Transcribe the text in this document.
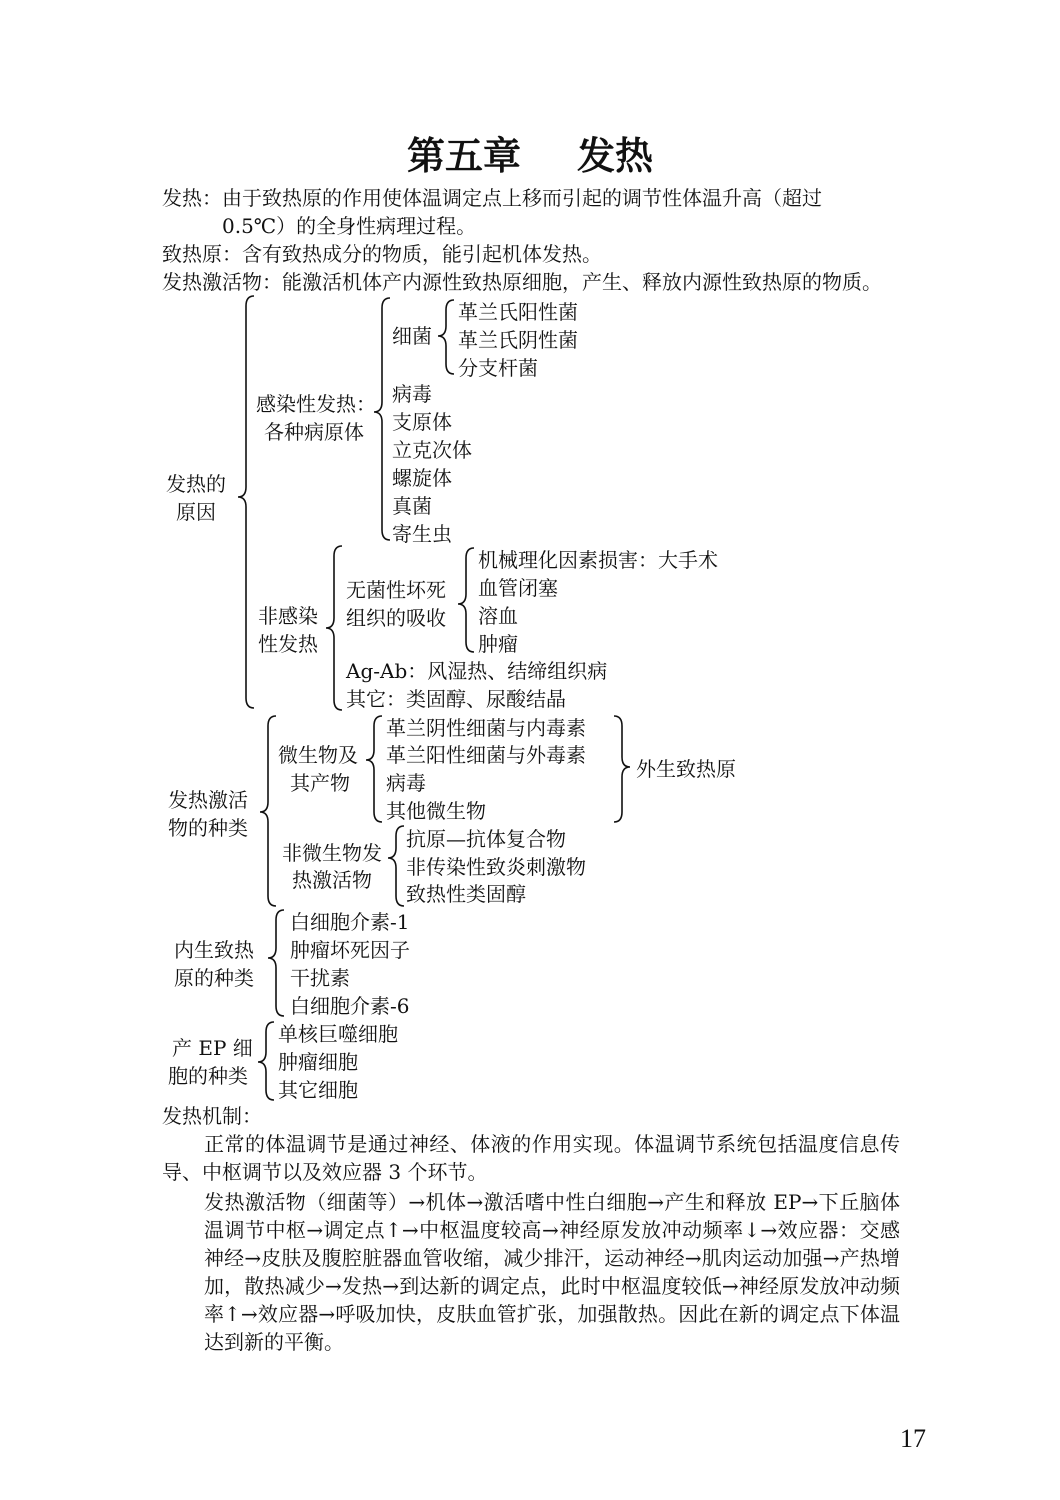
第五章 发热
发热：由于致热原的作用使体温调定点上移而引起的调节性体温升高（超过
0.5℃）的全身性病理过程。
致热原：含有致热成分的物质，能引起机体发热。
发热激活物：能激活机体产内源性致热原细胞，产生、释放内源性致热原的物质。
发热的
原因
感染性发热：
各种病原体
细菌
革兰氏阳性菌
革兰氏阴性菌
分支杆菌
病毒
支原体
立克次体
螺旋体
真菌
寄生虫
非感染
性发热
无菌性坏死
组织的吸收
机械理化因素损害：大手术
血管闭塞
溶血
肿瘤
Ag-Ab：风湿热、结缔组织病
其它：类固醇、尿酸结晶
发热激活
物的种类
微生物及
其产物
革兰阴性细菌与内毒素
革兰阳性细菌与外毒素
病毒
其他微生物
外生致热原
非微生物发
热激活物
抗原—抗体复合物
非传染性致炎刺激物
致热性类固醇
内生致热
原的种类
白细胞介素-1
肿瘤坏死因子
干扰素
白细胞介素-6
产 EP 细
胞的种类
单核巨噬细胞
肿瘤细胞
其它细胞
发热机制：
正常的体温调节是通过神经、体液的作用实现。体温调节系统包括温度信息传导、中枢调节以及效应器 3 个环节。
发热激活物（细菌等）→机体→激活嗜中性白细胞→产生和释放 EP→下丘脑体温调节中枢→调定点↑→中枢温度较高→神经原发放冲动频率↓→效应器：交感神经→皮肤及腹腔脏器血管收缩，减少排汗，运动神经→肌肉运动加强→产热增加，散热减少→发热→到达新的调定点，此时中枢温度较低→神经原发放冲动频率↑→效应器→呼吸加快，皮肤血管扩张，加强散热。因此在新的调定点下体温达到新的平衡。
17
